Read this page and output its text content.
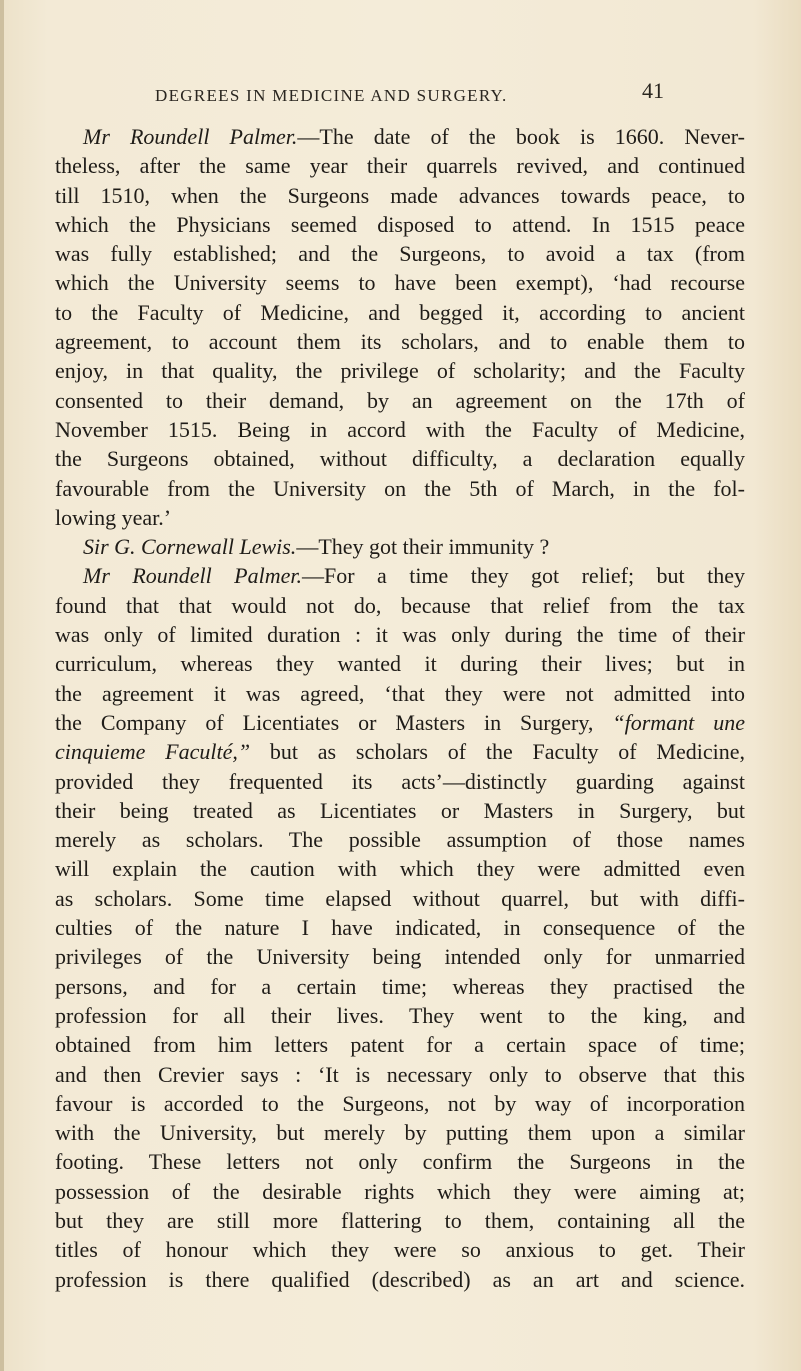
DEGREES IN MEDICINE AND SURGERY.	41
Mr Roundell Palmer.—The date of the book is 1660. Never-
theless, after the same year their quarrels revived, and continued
till 1510, when the Surgeons made advances towards peace, to
which the Physicians seemed disposed to attend. In 1515 peace
was fully established; and the Surgeons, to avoid a tax (from
which the University seems to have been exempt), ‘had recourse
to the Faculty of Medicine, and begged it, according to ancient
agreement, to account them its scholars, and to enable them to
enjoy, in that quality, the privilege of scholarity; and the Faculty
consented to their demand, by an agreement on the 17th of
November 1515. Being in accord with the Faculty of Medicine,
the Surgeons obtained, without difficulty, a declaration equally
favourable from the University on the 5th of March, in the fol-
lowing year.’
Sir G. Cornewall Lewis.—They got their immunity ?
Mr Roundell Palmer.—For a time they got relief; but they
found that that would not do, because that relief from the tax
was only of limited duration : it was only during the time of their
curriculum, whereas they wanted it during their lives; but in
the agreement it was agreed, ‘that they were not admitted into
the Company of Licentiates or Masters in Surgery, “formant une
cinquieme Faculté,” but as scholars of the Faculty of Medicine,
provided they frequented its acts’—distinctly guarding against
their being treated as Licentiates or Masters in Surgery, but
merely as scholars. The possible assumption of those names
will explain the caution with which they were admitted even
as scholars. Some time elapsed without quarrel, but with diffi-
culties of the nature I have indicated, in consequence of the
privileges of the University being intended only for unmarried
persons, and for a certain time; whereas they practised the
profession for all their lives. They went to the king, and
obtained from him letters patent for a certain space of time;
and then Crevier says : ‘It is necessary only to observe that this
favour is accorded to the Surgeons, not by way of incorporation
with the University, but merely by putting them upon a similar
footing. These letters not only confirm the Surgeons in the
possession of the desirable rights which they were aiming at;
but they are still more flattering to them, containing all the
titles of honour which they were so anxious to get. Their
profession is there qualified (described) as an art and science.
